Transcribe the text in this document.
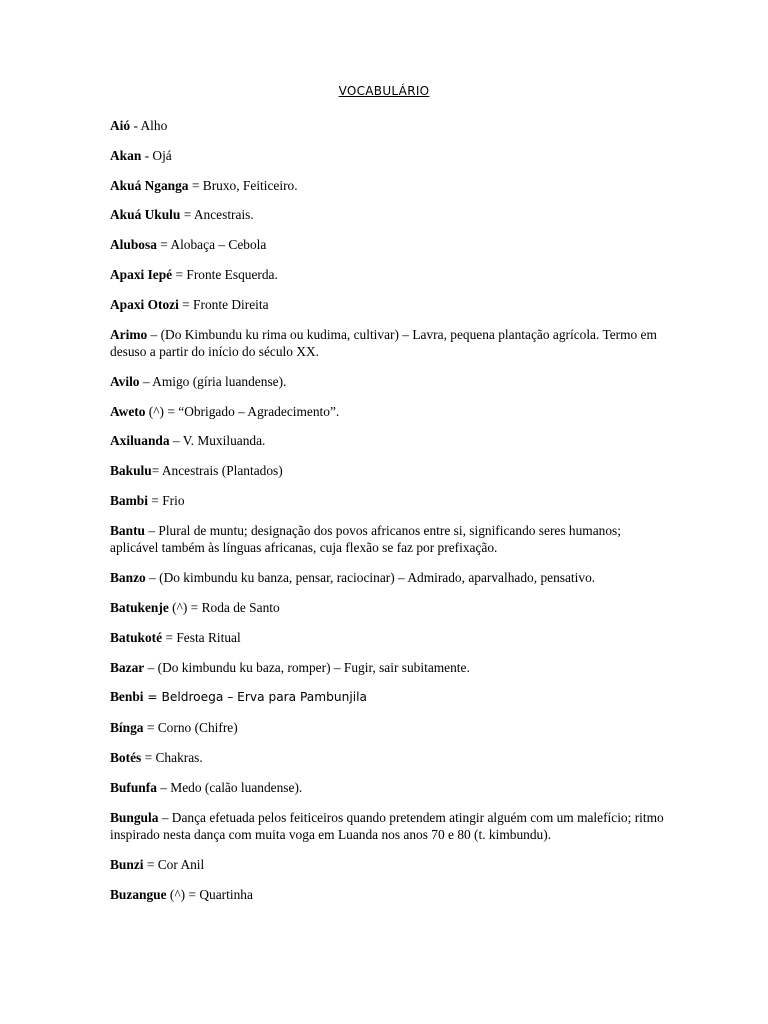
VOCABULÁRIO

Aió - Alho

Akan - Ojá

Akuá Nganga = Bruxo, Feiticeiro.

Akuá Ukulu = Ancestrais.

Alubosa = Alobaça – Cebola

Apaxi Iepé = Fronte Esquerda.

Apaxi Otozi = Fronte Direita

Arimo – (Do Kimbundu ku rima ou kudima, cultivar) – Lavra, pequena plantação agrícola. Termo em desuso a partir do início do século XX.

Avilo – Amigo (gíria luandense).

Aweto (^) = “Obrigado – Agradecimento”.

Axiluanda – V. Muxiluanda.

Bakulu= Ancestrais (Plantados)

Bambi = Frio

Bantu – Plural de muntu; designação dos povos africanos entre si, significando seres humanos; aplicável também às línguas africanas, cuja flexão se faz por prefixação.

Banzo – (Do kimbundu ku banza, pensar, raciocinar) – Admirado, aparvalhado, pensativo.

Batukenje (^) = Roda de Santo

Batukoté = Festa Ritual

Bazar – (Do kimbundu ku baza, romper) – Fugir, sair subitamente.

Benbi = Beldroega – Erva para Pambunjila

Bínga = Corno (Chifre)

Botés = Chakras.

Bufunfa – Medo (calão luandense).

Bungula – Dança efetuada pelos feiticeiros quando pretendem atingir alguém com um malefício; ritmo inspirado nesta dança com muita voga em Luanda nos anos 70 e 80 (t. kimbundu).

Bunzi = Cor Anil

Buzangue (^) = Quartinha
